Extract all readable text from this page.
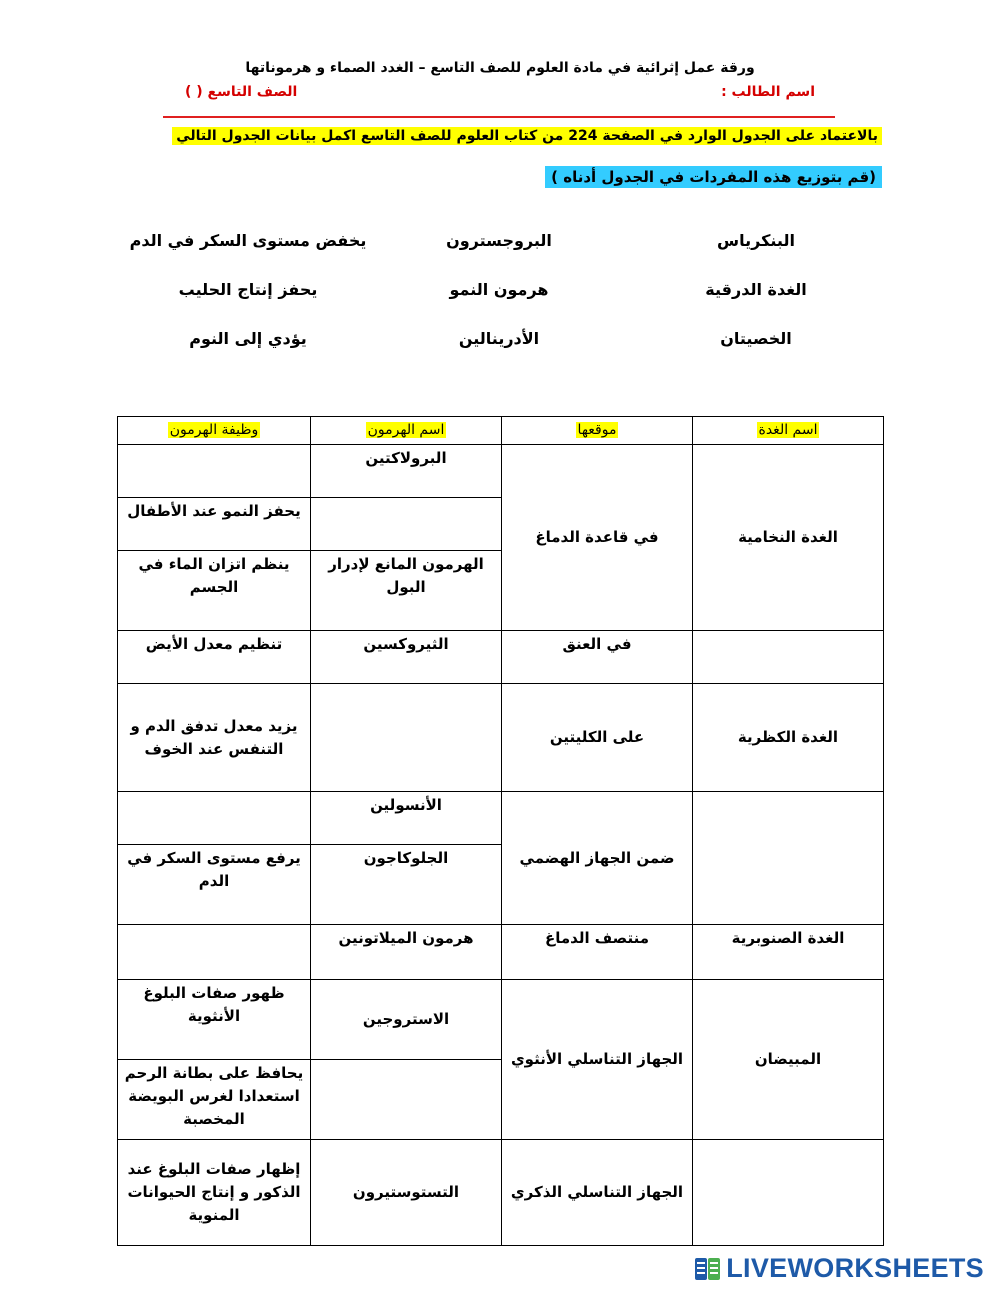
ورقة عمل إثرائية في مادة العلوم للصف التاسع – الغدد الصماء و هرموناتها
اسم الطالب :
الصف التاسع ( )
بالاعتماد على الجدول الوارد في الصفحة 224 من كتاب العلوم للصف التاسع اكمل بيانات الجدول التالي
(قم بتوزيع هذه المفردات في الجدول أدناه )
البنكرياس
البروجسترون
يخفض مستوى السكر في الدم
الغدة الدرقية
هرمون النمو
يحفز إنتاج الحليب
الخصيتان
الأدرينالين
يؤدي إلى النوم
اسم الغدة	موقعها	اسم الهرمون	وظيفة الهرمون
الغدة النخامية	في قاعدة الدماغ	البرولاكتين	
			يحفز النمو عند الأطفال
		الهرمون المانع لإدرار البول	ينظم اتزان الماء في الجسم
	في العنق	الثيروكسين	تنظيم معدل الأيض
الغدة الكظرية	على الكليتين		يزيد معدل تدفق الدم و التنفس عند الخوف
	ضمن الجهاز الهضمي	الأنسولين	
		الجلوكاجون	يرفع مستوى السكر في الدم
الغدة الصنوبرية	منتصف الدماغ	هرمون الميلاتونين	
المبيضان	الجهاز التناسلي الأنثوي	الاستروجين	ظهور صفات البلوغ الأنثوية
			يحافظ على بطانة الرحم استعدادا لغرس البويضة المخصبة
	الجهاز التناسلي الذكري	التستوستيرون	إظهار صفات البلوغ عند الذكور و إنتاج الحيوانات المنوية
LIVEWORKSHEETS
